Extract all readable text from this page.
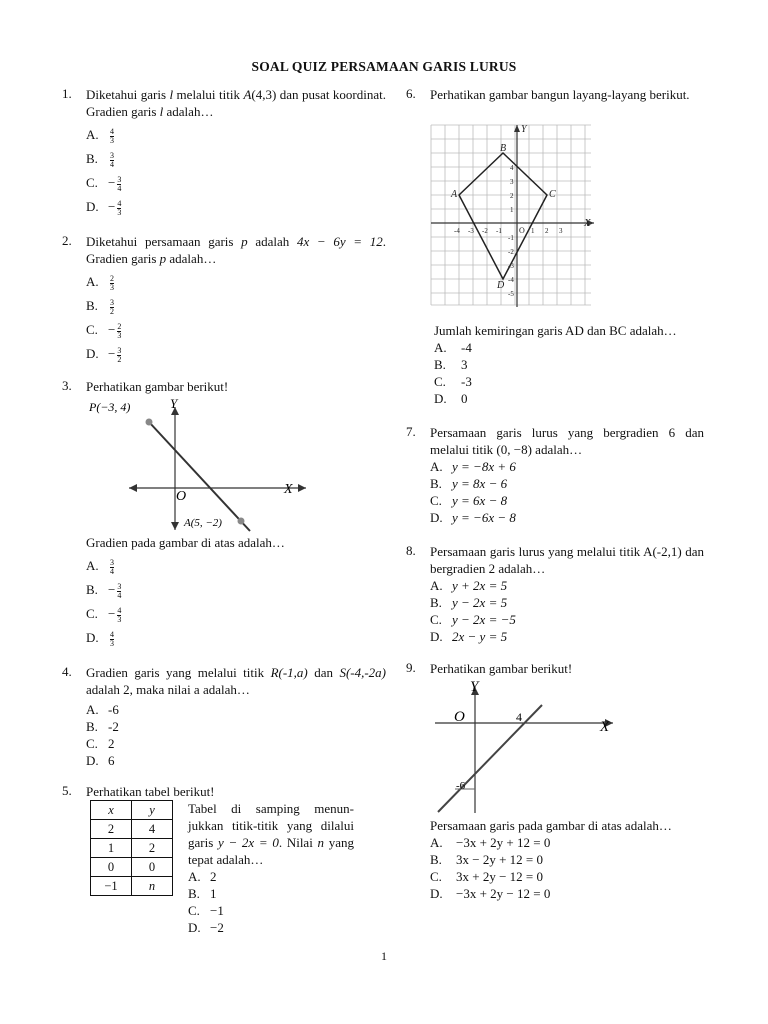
SOAL QUIZ PERSAMAAN GARIS LURUS
1. Diketahui garis l melalui titik A(4,3) dan pusat koordinat. Gradien garis l adalah…
A. $\frac{4}{3}$
B. $\frac{3}{4}$
C. − $\frac{3}{4}$
D. − $\frac{4}{3}$
2. Diketahui persamaan garis p adalah 4x − 6y = 12. Gradien garis p adalah…
A. $\frac{2}{3}$
B. $\frac{3}{2}$
C. − $\frac{2}{3}$
D. − $\frac{3}{2}$
3. Perhatikan gambar berikut!
P(−3, 4)	Y
O	X
A(5, −2)
Gradien pada gambar di atas adalah…
A. $\frac{3}{4}$
B. − $\frac{3}{4}$
C. − $\frac{4}{3}$
D. $\frac{4}{3}$
4. Gradien garis yang melalui titik R(-1,a) dan S(-4,-2a) adalah 2, maka nilai a adalah…
A. -6
B. -2
C. 2
D. 6
5. Perhatikan tabel berikut!
x	y
2	4
1	2
0	0
−1	n
Tabel di samping menun-jukkan titik-titik yang dilalui garis y − 2x = 0. Nilai n yang tepat adalah…
A. 2
B. 1
C. −1
D. −2
6. Perhatikan gambar bangun layang-layang berikut.
A
B
C
D
Y
X
O
-4 -3 -2 -1	1 2 3
4
3
2
1
-1
-2
-3
-4
-5
Jumlah kemiringan garis AD dan BC adalah…
A. -4
B. 3
C. -3
D. 0
7. Persamaan garis lurus yang bergradien 6 dan melalui titik (0, −8) adalah…
A. y = −8x + 6
B. y = 8x − 6
C. y = 6x − 8
D. y = −6x − 8
8. Persamaan garis lurus yang melalui titik A(-2,1) dan bergradien 2 adalah…
A. y + 2x = 5
B. y − 2x = 5
C. y − 2x = −5
D. 2x − y = 5
9. Perhatikan gambar berikut!
Y
O	4
X
-6
Persamaan garis pada gambar di atas adalah…
A. −3x + 2y + 12 = 0
B. 3x − 2y + 12 = 0
C. 3x + 2y − 12 = 0
D. −3x + 2y − 12 = 0
1
